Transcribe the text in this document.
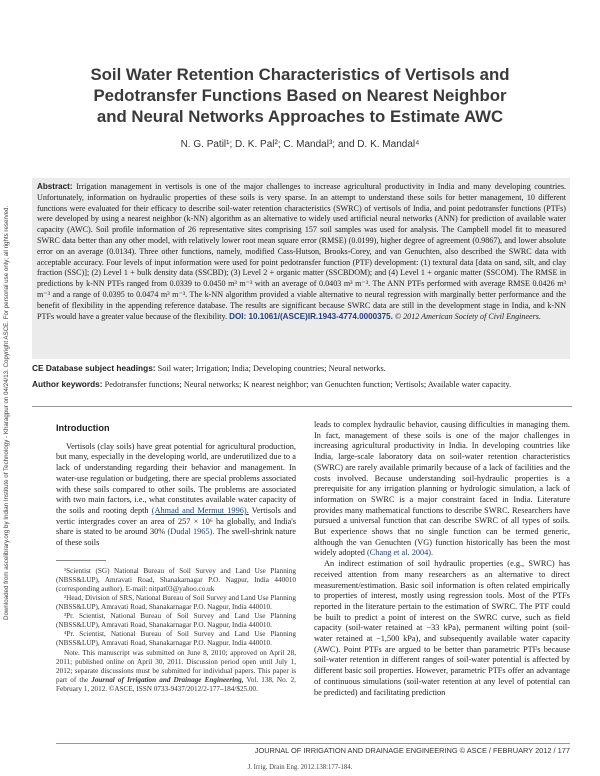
Downloaded from ascelibrary.org by Indian Institute of Technology - Kharagpur on 04/24/13. Copyright ASCE. For personal use only; all rights reserved.
Soil Water Retention Characteristics of Vertisols and
Pedotransfer Functions Based on Nearest Neighbor
and Neural Networks Approaches to Estimate AWC
N. G. Patil¹; D. K. Pal²; C. Mandal³; and D. K. Mandal⁴
Abstract: Irrigation management in vertisols is one of the major challenges to increase agricultural productivity in India and many developing countries. Unfortunately, information on hydraulic properties of these soils is very sparse. In an attempt to understand these soils for better management, 10 different functions were evaluated for their efficacy to describe soil-water retention characteristics (SWRC) of vertisols of India, and point pedotransfer functions (PTFs) were developed by using a nearest neighbor (k-NN) algorithm as an alternative to widely used artificial neural networks (ANN) for prediction of available water capacity (AWC). Soil profile information of 26 representative sites comprising 157 soil samples was used for analysis. The Campbell model fit to measured SWRC data better than any other model, with relatively lower root mean square error (RMSE) (0.0199), higher degree of agreement (0.9867), and lower absolute error on an average (0.0134). Three other functions, namely, modified Cass-Hutson, Brooks-Corey, and van Genuchten, also described the SWRC data with acceptable accuracy. Four levels of input information were used for point pedotransfer function (PTF) development: (1) textural data [data on sand, silt, and clay fraction (SSC)]; (2) Level 1 + bulk density data (SSCBD); (3) Level 2 + organic matter (SSCBDOM); and (4) Level 1 + organic matter (SSCOM). The RMSE in predictions by k-NN PTFs ranged from 0.0339 to 0.0450 m³ m⁻³ with an average of 0.0403 m³ m⁻³. The ANN PTFs performed with average RMSE 0.0426 m³ m⁻³ and a range of 0.0395 to 0.0474 m³ m⁻³. The k-NN algorithm provided a viable alternative to neural regression with marginally better performance and the benefit of flexibility in the appending reference database. The results are significant because SWRC data are still in the development stage in India, and k-NN PTFs would have a greater value because of the flexibility. DOI: 10.1061/(ASCE)IR.1943-4774.0000375. © 2012 American Society of Civil Engineers.
CE Database subject headings: Soil water; Irrigation; India; Developing countries; Neural networks.
Author keywords: Pedotransfer functions; Neural networks; K nearest neighbor; van Genuchten function; Vertisols; Available water capacity.
Introduction

Vertisols (clay soils) have great potential for agricultural production, but many, especially in the developing world, are underutilized due to a lack of understanding regarding their behavior and management. In water-use regulation or budgeting, there are special problems associated with these soils compared to other soils. The problems are associated with two main factors, i.e., what constitutes available water capacity of the soils and rooting depth (Ahmad and Mermut 1996). Vertisols and vertic intergrades cover an area of 257 × 10⁶ ha globally, and India's share is stated to be around 30% (Dudal 1965). The swell-shrink nature of these soils

¹Scientist (SG) National Bureau of Soil Survey and Land Use Planning (NBSS&LUP), Amravati Road, Shanakarnagar P.O. Nagpur, India 440010 (corresponding author). E-mail: nitpat03@yahoo.co.uk

²Head, Division of SRS, National Bureau of Soil Survey and Land Use Planning (NBSS&LUP), Amravati Road, Shanakarnagar P.O. Nagpur, India 440010.

³Pr. Scientist, National Bureau of Soil Survey and Land Use Planning (NBSS&LUP), Amravati Road, Shanakarnagar P.O. Nagpur, India 440010.

⁴Pr. Scientist, National Bureau of Soil Survey and Land Use Planning (NBSS&LUP), Amravati Road, Shanakarnagar P.O. Nagpur, India 440010.

Note. This manuscript was submitted on June 8, 2010; approved on April 28, 2011; published online on April 30, 2011. Discussion period open until July 1, 2012; separate discussions must be submitted for individual papers. This paper is part of the Journal of Irrigation and Drainage Engineering, Vol. 138, No. 2, February 1, 2012. ©ASCE, ISSN 0733-9437/2012/2-177–184/$25.00.

leads to complex hydraulic behavior, causing difficulties in managing them. In fact, management of these soils is one of the major challenges in increasing agricultural productivity in India. In developing countries like India, large-scale laboratory data on soil-water retention characteristics (SWRC) are rarely available primarily because of a lack of facilities and the costs involved. Because understanding soil-hydraulic properties is a prerequisite for any irrigation planning or hydrologic simulation, a lack of information on SWRC is a major constraint faced in India. Literature provides many mathematical functions to describe SWRC. Researchers have pursued a universal function that can describe SWRC of all types of soils. But experience shows that no single function can be termed generic, although the van Genuchten (VG) function historically has been the most widely adopted (Chang et al. 2004).

An indirect estimation of soil hydraulic properties (e.g., SWRC) has received attention from many researchers as an alternative to direct measurement/estimation. Basic soil information is often related empirically to properties of interest, mostly using regression tools. Most of the PTFs reported in the literature pertain to the estimation of SWRC. The PTF could be built to predict a point of interest on the SWRC curve, such as field capacity (soil-water retained at −33 kPa), permanent wilting point (soil-water retained at −1,500 kPa), and subsequently available water capacity (AWC). Point PTFs are argued to be better than parametric PTFs because soil-water retention in different ranges of soil-water potential is affected by different basic soil properties. However, parametric PTFs offer an advantage of continuous simulations (soil-water retention at any level of potential can be predicted) and facilitating prediction

JOURNAL OF IRRIGATION AND DRAINAGE ENGINEERING © ASCE / FEBRUARY 2012 / 177
J. Irrig. Drain Eng. 2012.138:177-184.
